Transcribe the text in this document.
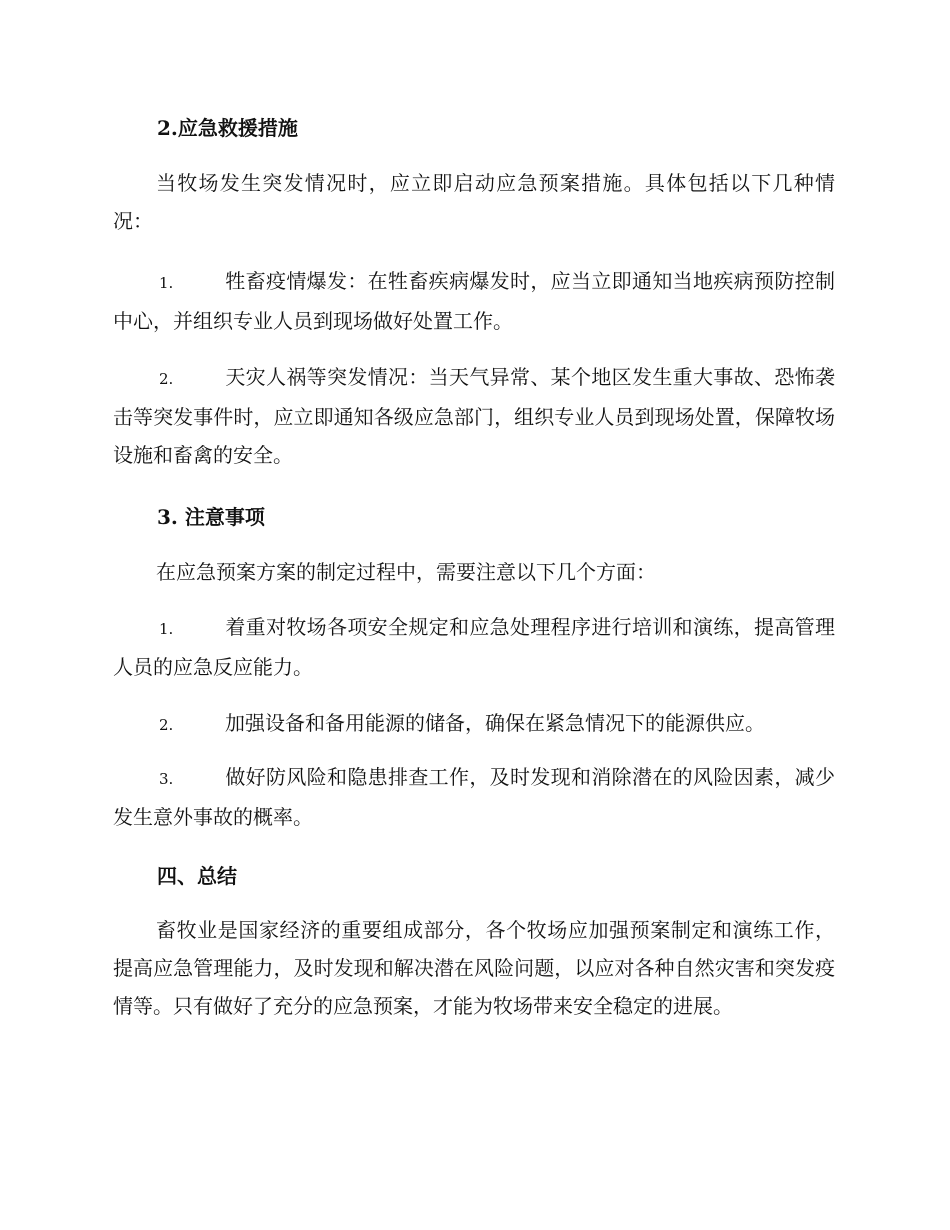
2.应急救援措施

当牧场发生突发情况时，应立即启动应急预案措施。具体包括以下几种情况：

1.	牲畜疫情爆发：在牲畜疾病爆发时，应当立即通知当地疾病预防控制中心，并组织专业人员到现场做好处置工作。

2.	天灾人祸等突发情况：当天气异常、某个地区发生重大事故、恐怖袭击等突发事件时，应立即通知各级应急部门，组织专业人员到现场处置，保障牧场设施和畜禽的安全。

3. 注意事项

在应急预案方案的制定过程中，需要注意以下几个方面：

1.	着重对牧场各项安全规定和应急处理程序进行培训和演练，提高管理人员的应急反应能力。

2.	加强设备和备用能源的储备，确保在紧急情况下的能源供应。

3.	做好防风险和隐患排查工作，及时发现和消除潜在的风险因素，减少发生意外事故的概率。

四、总结

畜牧业是国家经济的重要组成部分，各个牧场应加强预案制定和演练工作，提高应急管理能力，及时发现和解决潜在风险问题，以应对各种自然灾害和突发疫情等。只有做好了充分的应急预案，才能为牧场带来安全稳定的进展。
